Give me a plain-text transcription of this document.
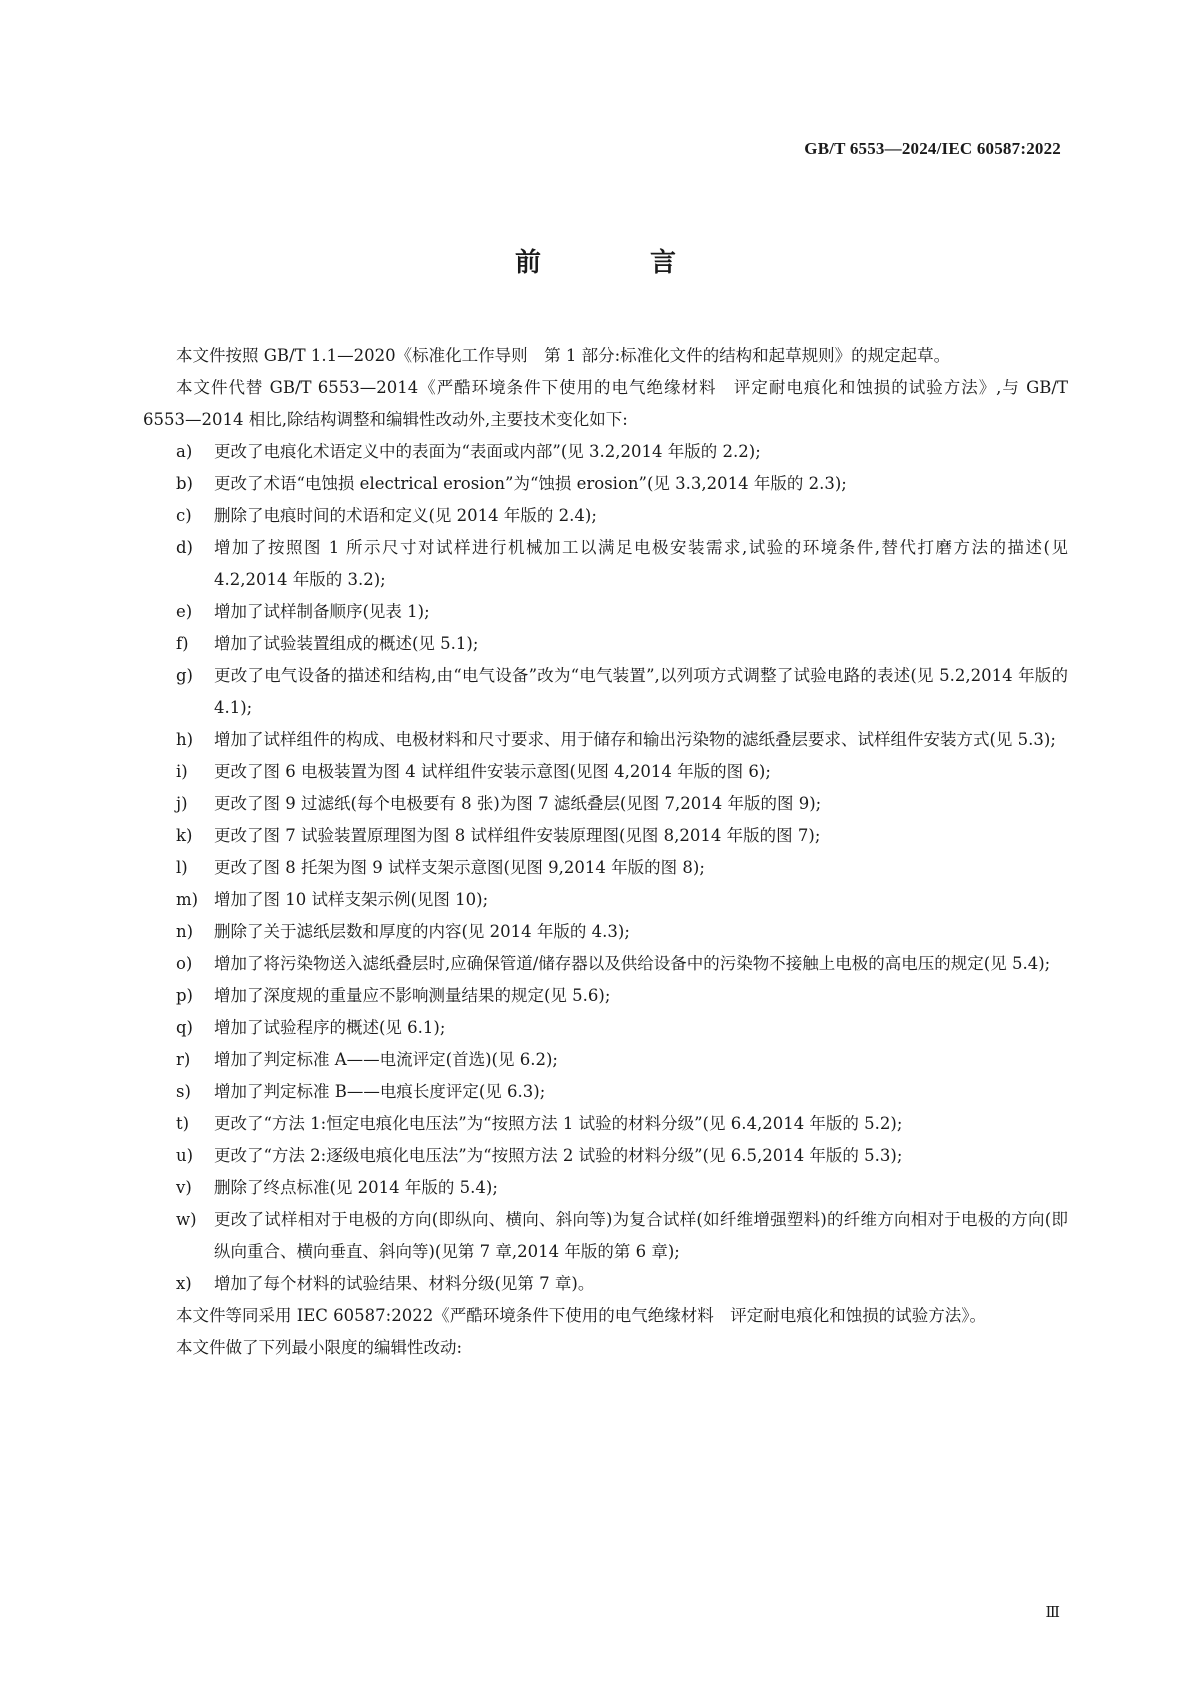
GB/T 6553—2024/IEC 60587:2022
前 言

本文件按照 GB/T 1.1—2020《标准化工作导则　第 1 部分:标准化文件的结构和起草规则》的规定起草。

本文件代替 GB/T 6553—2014《严酷环境条件下使用的电气绝缘材料　评定耐电痕化和蚀损的试验方法》,与 GB/T 6553—2014 相比,除结构调整和编辑性改动外,主要技术变化如下:

a)	更改了电痕化术语定义中的表面为“表面或内部”(见 3.2,2014 年版的 2.2);
b)	更改了术语“电蚀损 electrical erosion”为“蚀损 erosion”(见 3.3,2014 年版的 2.3);
c)	删除了电痕时间的术语和定义(见 2014 年版的 2.4);
d)	增加了按照图 1 所示尺寸对试样进行机械加工以满足电极安装需求,试验的环境条件,替代打磨方法的描述(见 4.2,2014 年版的 3.2);
e)	增加了试样制备顺序(见表 1);
f)	增加了试验装置组成的概述(见 5.1);
g)	更改了电气设备的描述和结构,由“电气设备”改为“电气装置”,以列项方式调整了试验电路的表述(见 5.2,2014 年版的 4.1);
h)	增加了试样组件的构成、电极材料和尺寸要求、用于储存和输出污染物的滤纸叠层要求、试样组件安装方式(见 5.3);
i)	更改了图 6 电极装置为图 4 试样组件安装示意图(见图 4,2014 年版的图 6);
j)	更改了图 9 过滤纸(每个电极要有 8 张)为图 7 滤纸叠层(见图 7,2014 年版的图 9);
k)	更改了图 7 试验装置原理图为图 8 试样组件安装原理图(见图 8,2014 年版的图 7);
l)	更改了图 8 托架为图 9 试样支架示意图(见图 9,2014 年版的图 8);
m) 增加了图 10 试样支架示例(见图 10);
n)	删除了关于滤纸层数和厚度的内容(见 2014 年版的 4.3);
o)	增加了将污染物送入滤纸叠层时,应确保管道/储存器以及供给设备中的污染物不接触上电极的高电压的规定(见 5.4);
p)	增加了深度规的重量应不影响测量结果的规定(见 5.6);
q)	增加了试验程序的概述(见 6.1);
r)	增加了判定标准 A——电流评定(首选)(见 6.2);
s)	增加了判定标准 B——电痕长度评定(见 6.3);
t)	更改了“方法 1:恒定电痕化电压法”为“按照方法 1 试验的材料分级”(见 6.4,2014 年版的 5.2);
u)	更改了“方法 2:逐级电痕化电压法”为“按照方法 2 试验的材料分级”(见 6.5,2014 年版的 5.3);
v)	删除了终点标准(见 2014 年版的 5.4);
w)	更改了试样相对于电极的方向(即纵向、横向、斜向等)为复合试样(如纤维增强塑料)的纤维方向相对于电极的方向(即纵向重合、横向垂直、斜向等)(见第 7 章,2014 年版的第 6 章);
x)	增加了每个材料的试验结果、材料分级(见第 7 章)。

本文件等同采用 IEC 60587:2022《严酷环境条件下使用的电气绝缘材料　评定耐电痕化和蚀损的试验方法》。

本文件做了下列最小限度的编辑性改动:

Ⅲ
